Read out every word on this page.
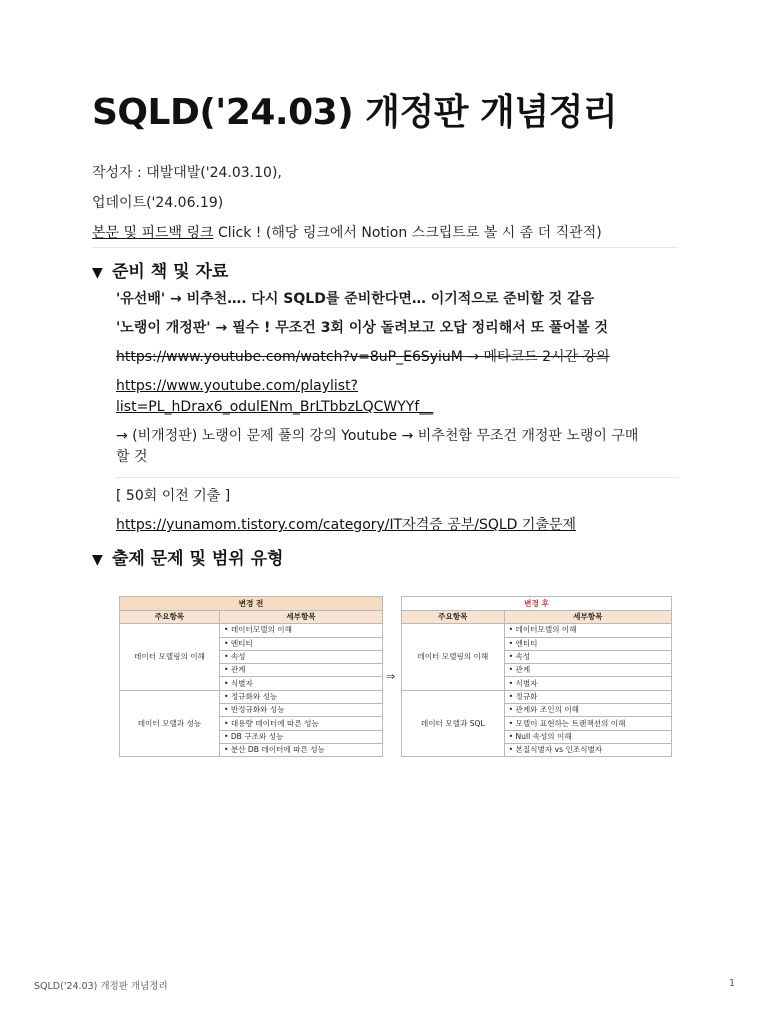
SQLD('24.03) 개정판 개념정리
작성자 : 대발대발('24.03.10),
업데이트('24.06.19)
본문 및 피드백 링크 Click ! (해당 링크에서 Notion 스크립트로 볼 시 좀 더 직관적)
▼ 준비 책 및 자료
'유선배' → 비추천…. 다시 SQLD를 준비한다면… 이기적으로 준비할 것 같음
'노랭이 개정판' → 필수 ! 무조건 3회 이상 돌려보고 오답 정리해서 또 풀어볼 것
https://www.youtube.com/watch?v=8uP_E6SyiuM → 메타코드 2시간 강의
https://www.youtube.com/playlist?
list=PL_hDrax6_odulENm_BrLTbbzLQCWYYf__
→ (비개정판) 노랭이 문제 풀의 강의 Youtube → 비추천함 무조건 개정판 노랭이 구매
할 것
[ 50회 이전 기출 ]
https://yunamom.tistory.com/category/IT자격증 공부/SQLD 기출문제
▼ 출제 문제 및 범위 유형
변경 전	
주요항목	세부항목
데이터 모델링의 이해	• 데이터모델의 이해
	• 엔티티
	• 속성
	• 관계
	• 식별자
데이터 모델과 성능	• 정규화와 성능
	• 반정규화와 성능
	• 대용량 데이터에 따른 성능
	• DB 구조와 성능
	• 분산 DB 데이터에 따른 성능
⇒
변경 후	
주요항목	세부항목
데이터 모델링의 이해	• 데이터모델의 이해
	• 엔티티
	• 속성
	• 관계
	• 식별자
데이터 모델과 SQL	• 정규화
	• 관계와 조인의 이해
	• 모델이 표현하는 트랜잭션의 이해
	• Null 속성의 이해
	• 본질식별자 vs 인조식별자
SQLD('24.03) 개정판 개념정리	1
